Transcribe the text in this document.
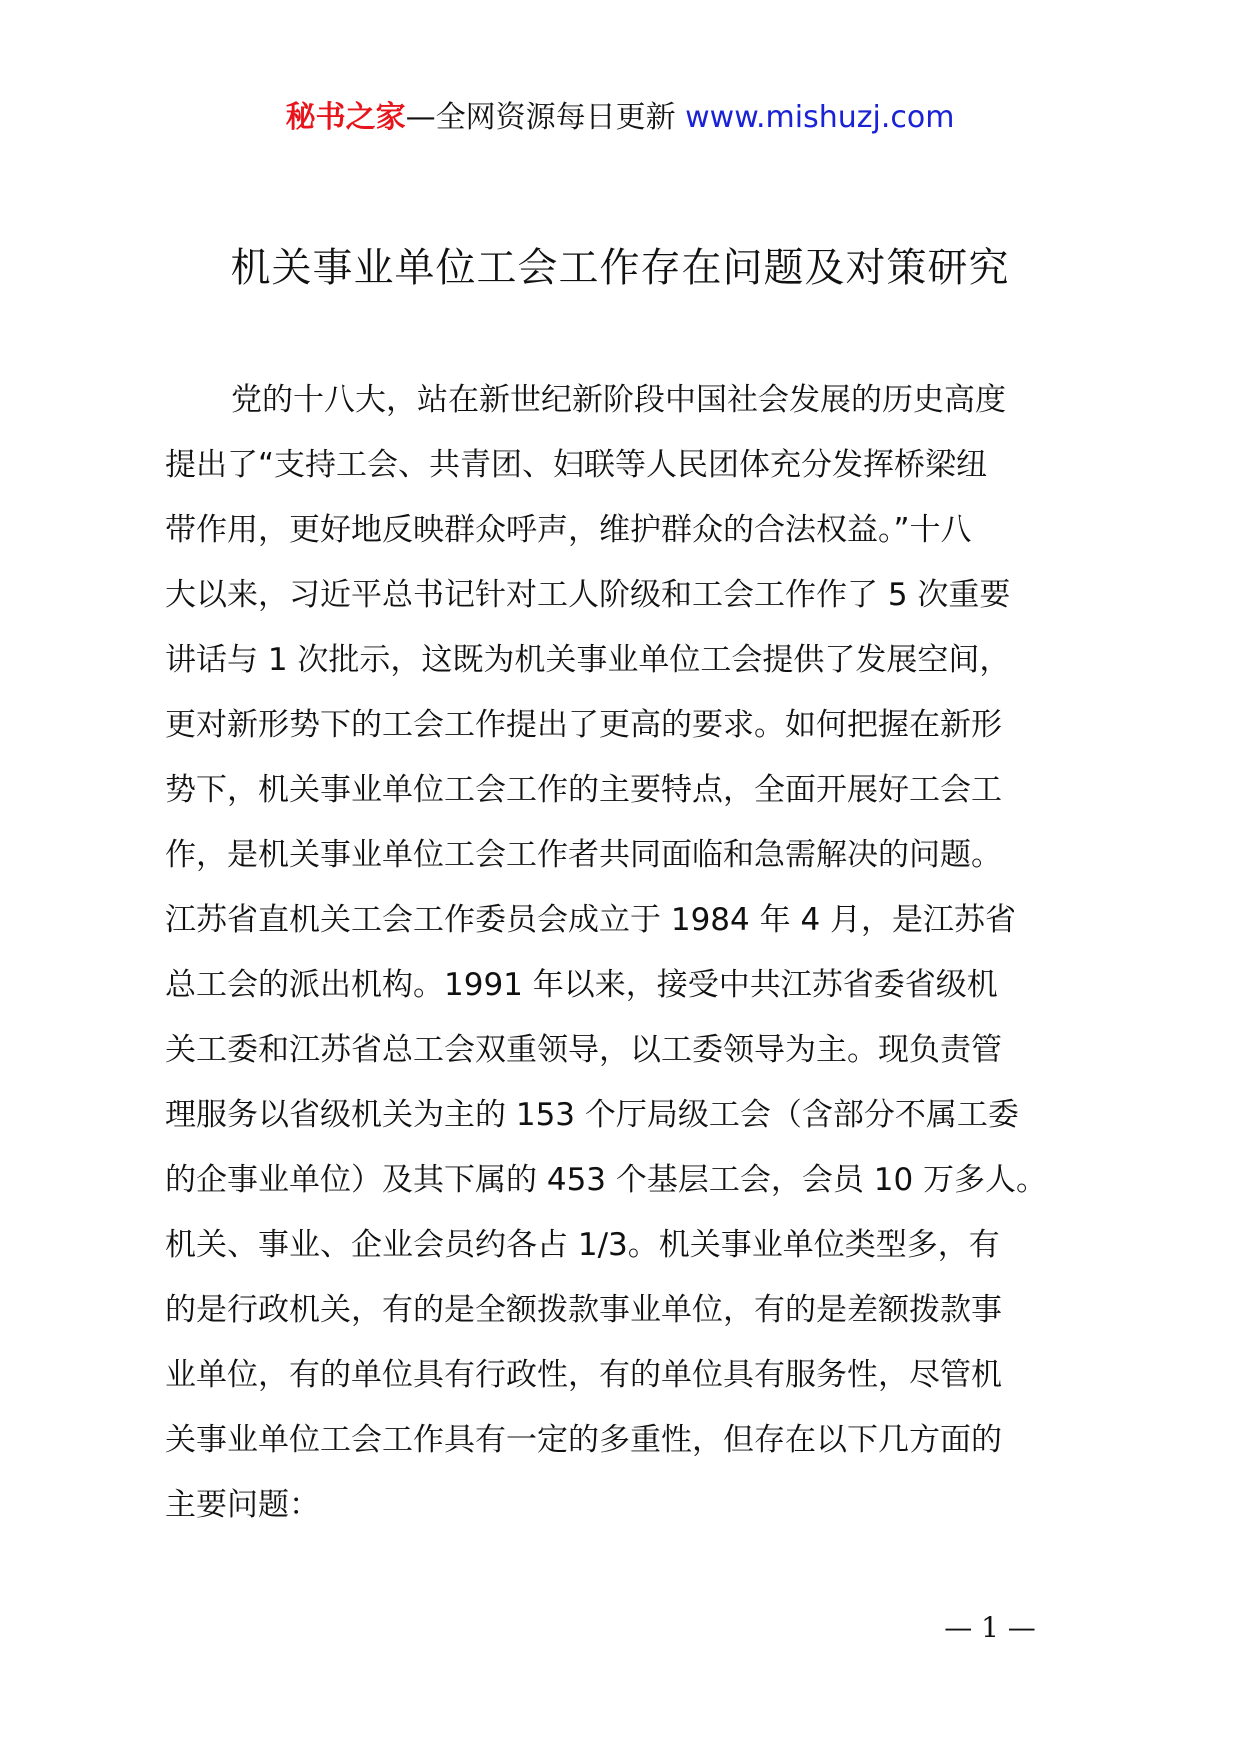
秘书之家—全网资源每日更新 www.mishuzj.com
机关事业单位工会工作存在问题及对策研究
党的十八大，站在新世纪新阶段中国社会发展的历史高度
提出了“支持工会、共青团、妇联等人民团体充分发挥桥梁纽
带作用，更好地反映群众呼声，维护群众的合法权益。”十八
大以来，习近平总书记针对工人阶级和工会工作作了 5 次重要
讲话与 1 次批示，这既为机关事业单位工会提供了发展空间，
更对新形势下的工会工作提出了更高的要求。如何把握在新形
势下，机关事业单位工会工作的主要特点，全面开展好工会工
作，是机关事业单位工会工作者共同面临和急需解决的问题。
江苏省直机关工会工作委员会成立于 1984 年 4 月，是江苏省
总工会的派出机构。1991 年以来，接受中共江苏省委省级机
关工委和江苏省总工会双重领导，以工委领导为主。现负责管
理服务以省级机关为主的 153 个厅局级工会（含部分不属工委
的企事业单位）及其下属的 453 个基层工会，会员 10 万多人。
机关、事业、企业会员约各占 1/3。机关事业单位类型多，有
的是行政机关，有的是全额拨款事业单位，有的是差额拨款事
业单位，有的单位具有行政性，有的单位具有服务性，尽管机
关事业单位工会工作具有一定的多重性，但存在以下几方面的
主要问题：
— 1 —
